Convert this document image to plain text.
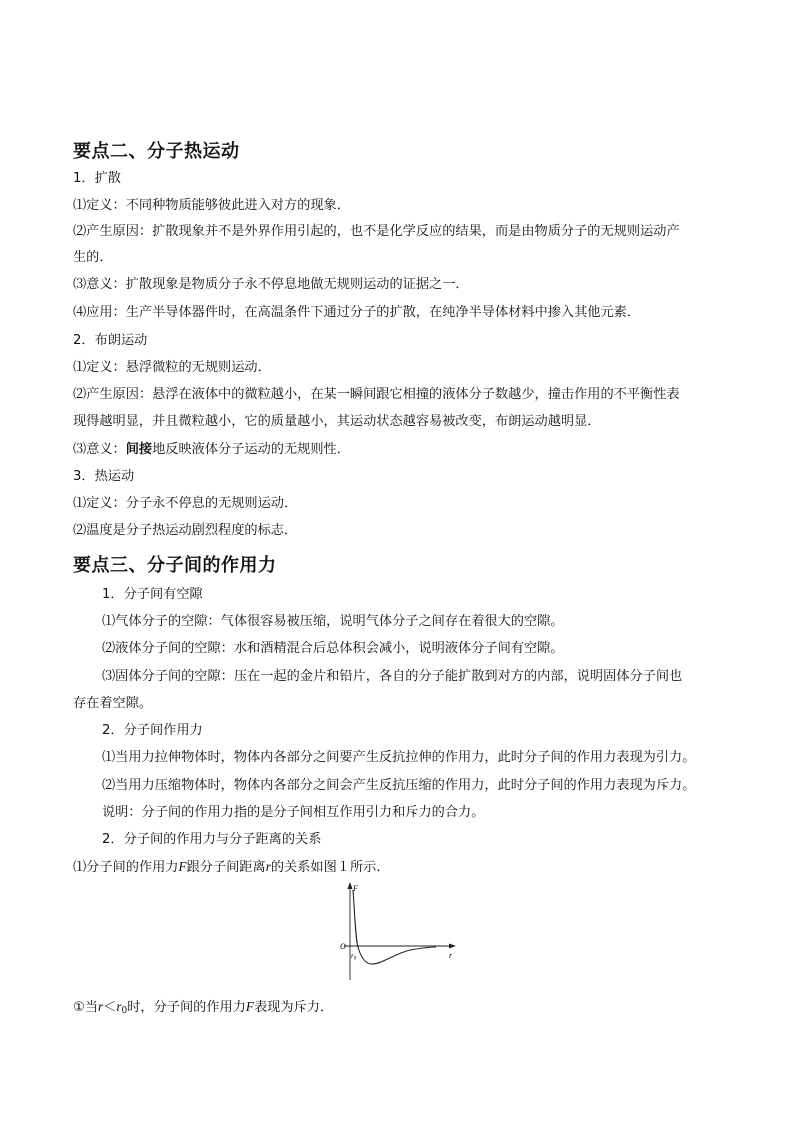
要点二、分子热运动
1．扩散
⑴定义：不同种物质能够彼此进入对方的现象．
⑵产生原因：扩散现象并不是外界作用引起的，也不是化学反应的结果，而是由物质分子的无规则运动产
生的．
⑶意义：扩散现象是物质分子永不停息地做无规则运动的证据之一．
⑷应用：生产半导体器件时，在高温条件下通过分子的扩散，在纯净半导体材料中掺入其他元素．
2．布朗运动
⑴定义：悬浮微粒的无规则运动．
⑵产生原因：悬浮在液体中的微粒越小，在某一瞬间跟它相撞的液体分子数越少，撞击作用的不平衡性表
现得越明显，并且微粒越小，它的质量越小，其运动状态越容易被改变，布朗运动越明显．
⑶意义：间接地反映液体分子运动的无规则性．
3．热运动
⑴定义：分子永不停息的无规则运动．
⑵温度是分子热运动剧烈程度的标志．
要点三、分子间的作用力
1．分子间有空隙
⑴气体分子的空隙：气体很容易被压缩，说明气体分子之间存在着很大的空隙。
⑵液体分子间的空隙：水和酒精混合后总体积会减小，说明液体分子间有空隙。
⑶固体分子间的空隙：压在一起的金片和铅片，各自的分子能扩散到对方的内部，说明固体分子间也
存在着空隙。
2．分子间作用力
⑴当用力拉伸物体时，物体内各部分之间要产生反抗拉伸的作用力，此时分子间的作用力表现为引力。
⑵当用力压缩物体时，物体内各部分之间会产生反抗压缩的作用力，此时分子间的作用力表现为斥力。
说明：分子间的作用力指的是分子间相互作用引力和斥力的合力。
2．分子间的作用力与分子距离的关系
⑴分子间的作用力F跟分子间距离r的关系如图１所示．
F
r
O
$r_0$
①当$r<r_0$时，分子间的作用力F表现为斥力．
